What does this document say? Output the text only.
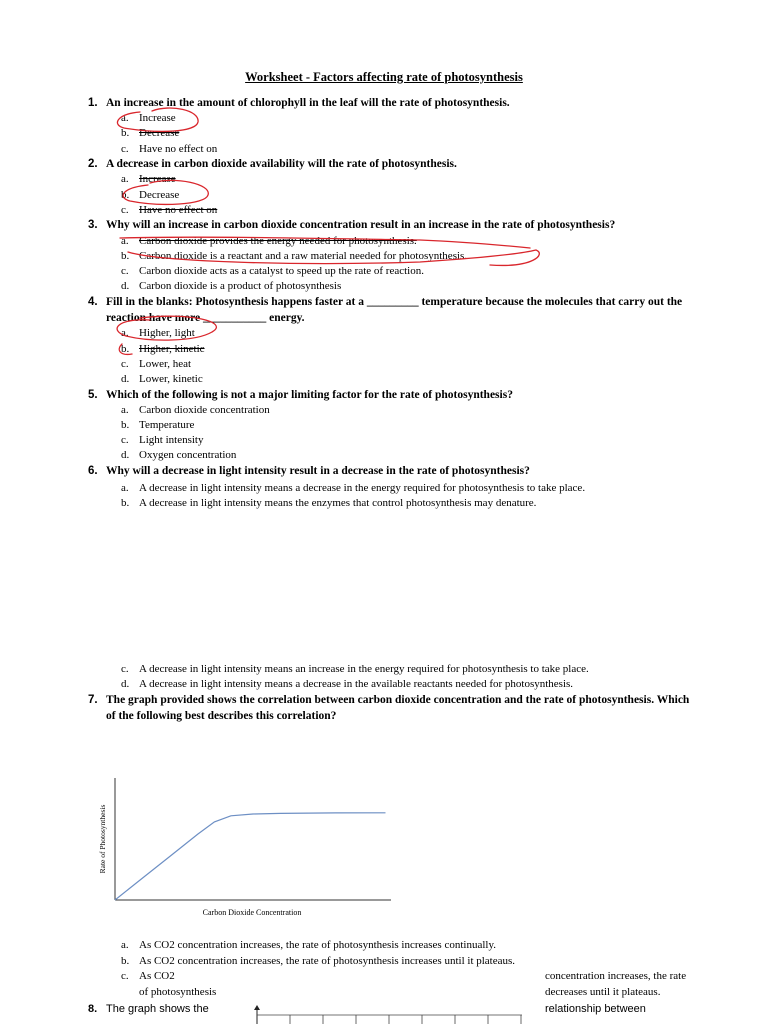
Worksheet - Factors affecting rate of photosynthesis
1. An increase in the amount of chlorophyll in the leaf will the rate of photosynthesis.
a. Increase
b. Decrease
c. Have no effect on
2. A decrease in carbon dioxide availability will the rate of photosynthesis.
a. Increase
b. Decrease
c. Have no effect on
3. Why will an increase in carbon dioxide concentration result in an increase in the rate of photosynthesis?
a. Carbon dioxide provides the energy needed for photosynthesis.
b. Carbon dioxide is a reactant and a raw material needed for photosynthesis.
c. Carbon dioxide acts as a catalyst to speed up the rate of reaction.
d. Carbon dioxide is a product of photosynthesis
4. Fill in the blanks: Photosynthesis happens faster at a _________ temperature because the molecules that carry out the
reaction have more ___________ energy.
a. Higher, light
b. Higher, kinetic
c. Lower, heat
d. Lower, kinetic
5. Which of the following is not a major limiting factor for the rate of photosynthesis?
a. Carbon dioxide concentration
b. Temperature
c. Light intensity
d. Oxygen concentration
6. Why will a decrease in light intensity result in a decrease in the rate of photosynthesis?
a. A decrease in light intensity means a decrease in the energy required for photosynthesis to take place.
b. A decrease in light intensity means the enzymes that control photosynthesis may denature.
c. A decrease in light intensity means an increase in the energy required for photosynthesis to take place.
d. A decrease in light intensity means a decrease in the available reactants needed for photosynthesis.
7. The graph provided shows the correlation between carbon dioxide concentration and the rate of photosynthesis. Which
of the following best describes this correlation?
Rate of Photosynthesis
Carbon Dioxide Concentration
a. As CO2 concentration increases, the rate of photosynthesis increases continually.
b. As CO2 concentration increases, the rate of photosynthesis increases until it plateaus.
c. As CO2
of photosynthesis
concentration increases, the rate
decreases until it plateaus.
8. The graph shows the	relationship between
